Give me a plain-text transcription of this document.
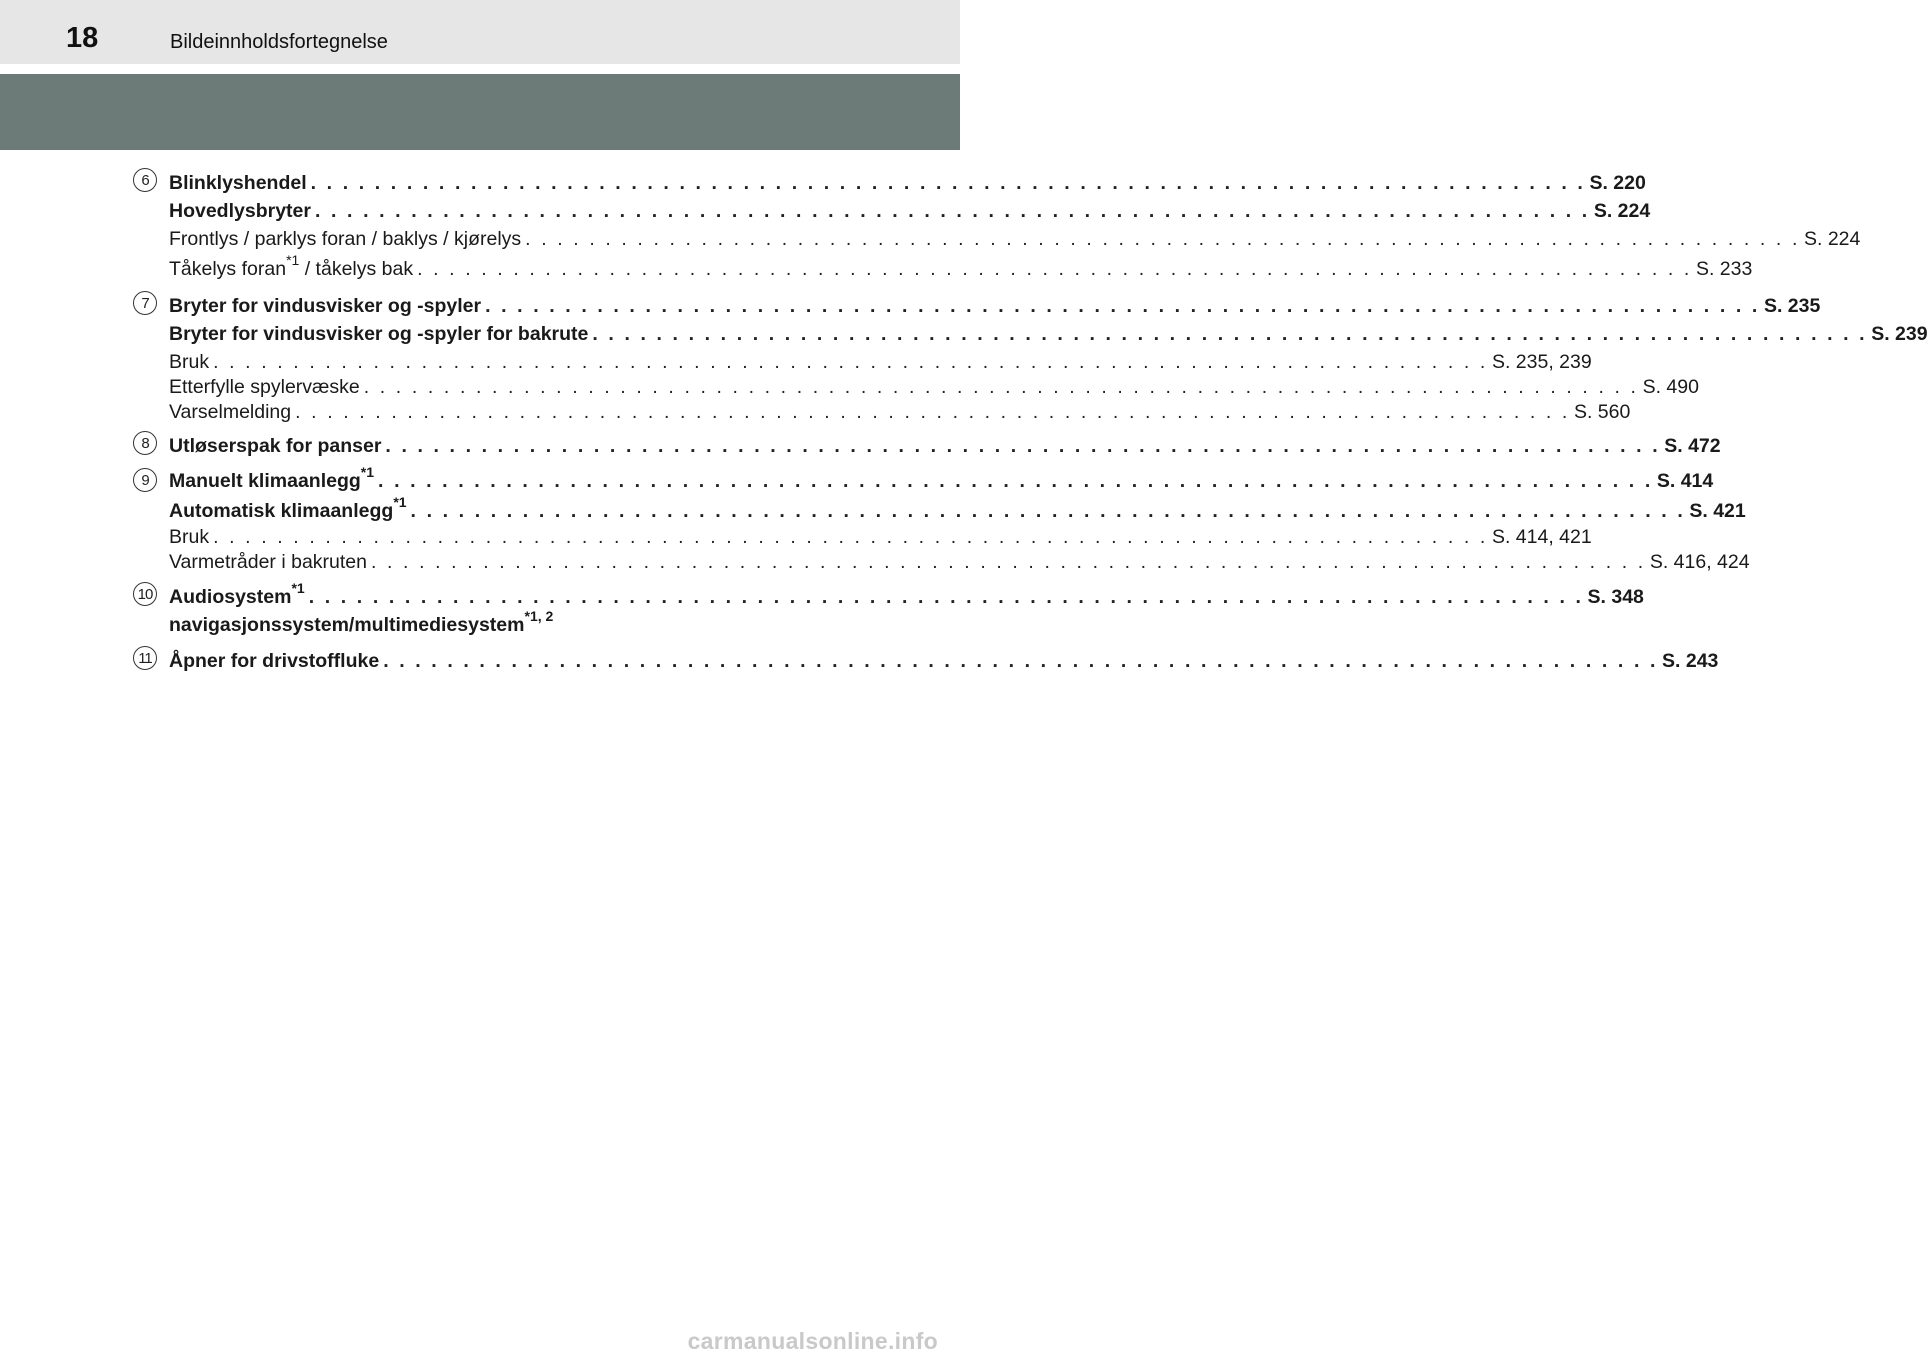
18	Bildeinnholdsfortegnelse
6 Blinklyshendel . . . . . . . . . . . . . . . . . . . . . . . . . . . . . . . . . . . . . . . . . . . . . . . . . . . . . . . . . . . . . . . . . . . . . . . . . . . . . . . . S. 220
Hovedlysbryter . . . . . . . . . . . . . . . . . . . . . . . . . . . . . . . . . . . . . . . . . . . . . . . . . . . . . . . . . . . . . . . . . . . . . . . . . . . . . . . . S. 224
Frontlys / parklys foran / baklys / kjørelys . . . . . . . . . . . . . . . . . . . . . . . . . . . . . . . . . . . . . . . . . . . . . . . . . . . . . . . . . . . . . . . . . . . . . . . . . . . . . . . . S. 224
Tåkelys foran$^{*1}$ / tåkelys bak . . . . . . . . . . . . . . . . . . . . . . . . . . . . . . . . . . . . . . . . . . . . . . . . . . . . . . . . . . . . . . . . . . . . . . . . . . . . . . . . S. 233
7 Bryter for vindusvisker og -spyler . . . . . . . . . . . . . . . . . . . . . . . . . . . . . . . . . . . . . . . . . . . . . . . . . . . . . . . . . . . . . . . . . . . . . . . . . . . . . . . . S. 235
Bryter for vindusvisker og -spyler for bakrute . . . . . . . . . . . . . . . . . . . . . . . . . . . . . . . . . . . . . . . . . . . . . . . . . . . . . . . . . . . . . . . . . . . . . . . . . . . . . . . . S. 239
Bruk . . . . . . . . . . . . . . . . . . . . . . . . . . . . . . . . . . . . . . . . . . . . . . . . . . . . . . . . . . . . . . . . . . . . . . . . . . . . . . . . S. 235, 239
Etterfylle spylervæske . . . . . . . . . . . . . . . . . . . . . . . . . . . . . . . . . . . . . . . . . . . . . . . . . . . . . . . . . . . . . . . . . . . . . . . . . . . . . . . . S. 490
Varselmelding . . . . . . . . . . . . . . . . . . . . . . . . . . . . . . . . . . . . . . . . . . . . . . . . . . . . . . . . . . . . . . . . . . . . . . . . . . . . . . . . S. 560
8 Utløserspak for panser . . . . . . . . . . . . . . . . . . . . . . . . . . . . . . . . . . . . . . . . . . . . . . . . . . . . . . . . . . . . . . . . . . . . . . . . . . . . . . . . S. 472
9 Manuelt klimaanlegg$^{*1}$ . . . . . . . . . . . . . . . . . . . . . . . . . . . . . . . . . . . . . . . . . . . . . . . . . . . . . . . . . . . . . . . . . . . . . . . . . . . . . . . . S. 414
Automatisk klimaanlegg$^{*1}$ . . . . . . . . . . . . . . . . . . . . . . . . . . . . . . . . . . . . . . . . . . . . . . . . . . . . . . . . . . . . . . . . . . . . . . . . . . . . . . . . S. 421
Bruk . . . . . . . . . . . . . . . . . . . . . . . . . . . . . . . . . . . . . . . . . . . . . . . . . . . . . . . . . . . . . . . . . . . . . . . . . . . . . . . . S. 414, 421
Varmetråder i bakruten . . . . . . . . . . . . . . . . . . . . . . . . . . . . . . . . . . . . . . . . . . . . . . . . . . . . . . . . . . . . . . . . . . . . . . . . . . . . . . . . S. 416, 424
10 Audiosystem$^{*1}$ . . . . . . . . . . . . . . . . . . . . . . . . . . . . . . . . . . . . . . . . . . . . . . . . . . . . . . . . . . . . . . . . . . . . . . . . . . . . . . . . S. 348
navigasjonssystem/multimediesystem$^{*1, 2}$
11 Åpner for drivstoffluke . . . . . . . . . . . . . . . . . . . . . . . . . . . . . . . . . . . . . . . . . . . . . . . . . . . . . . . . . . . . . . . . . . . . . . . . . . . . . . . . S. 243
carmanualsonline.info
